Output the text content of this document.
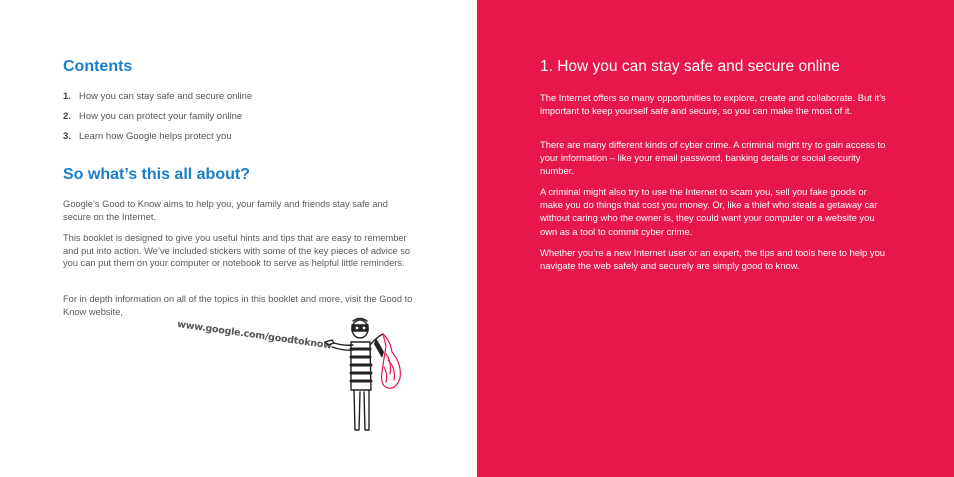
Contents
1. How you can stay safe and secure online
2. How you can protect your family online
3. Learn how Google helps protect you
So what’s this all about?

Google’s Good to Know aims to help you, your family and friends stay safe and secure on the Internet.

This booklet is designed to give you useful hints and tips that are easy to remember and put into action. We’ve included stickers with some of the key pieces of advice so you can put them on your computer or notebook to serve as helpful little reminders.

For in depth information on all of the topics in this booklet and more, visit the Good to Know website,

www.google.com/goodtoknow
1. How you can stay safe and secure online

The Internet offers so many opportunities to explore, create and collaborate. But it’s important to keep yourself safe and secure, so you can make the most of it.

There are many different kinds of cyber crime. A criminal might try to gain access to your information – like your email password, banking details or social security number.

A criminal might also try to use the Internet to scam you, sell you fake goods or make you do things that cost you money. Or, like a thief who steals a getaway car without caring who the owner is, they could want your computer or a website you own as a tool to commit cyber crime.

Whether you’re a new Internet user or an expert, the tips and tools here to help you navigate the web safely and securely are simply good to know.
